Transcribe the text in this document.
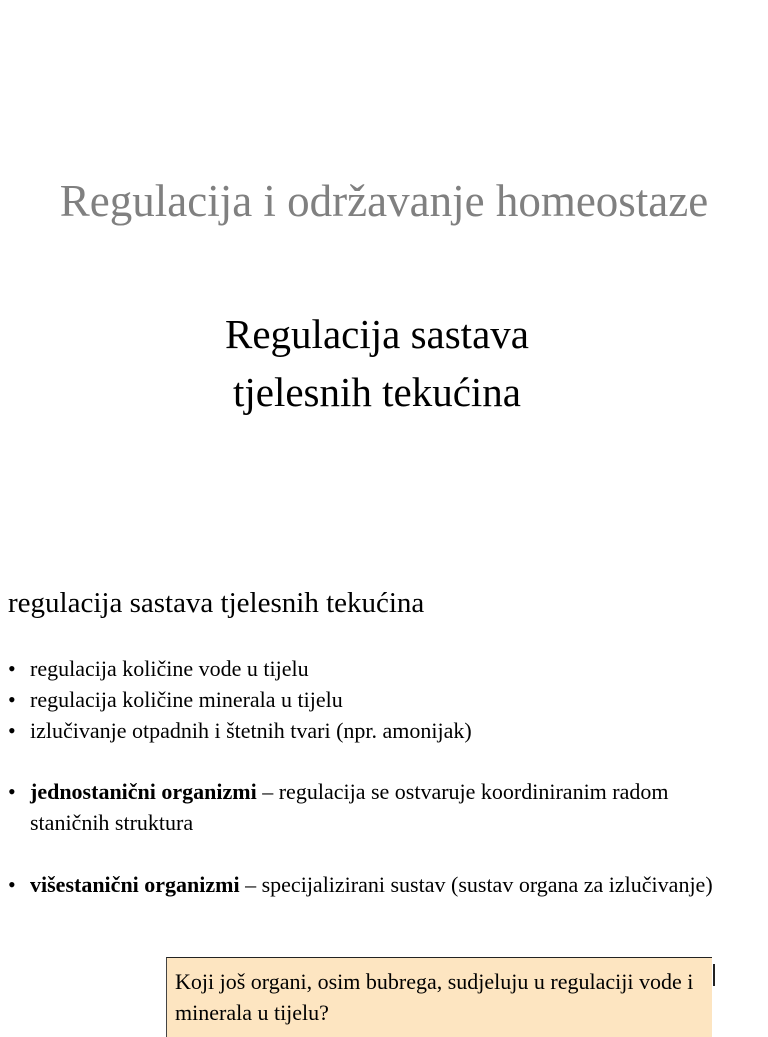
Regulacija i održavanje homeostaze
Regulacija sastava
tjelesnih tekućina
regulacija sastava tjelesnih tekućina
• regulacija količine vode u tijelu
• regulacija količine minerala u tijelu
• izlučivanje otpadnih i štetnih tvari (npr. amonijak)
• jednostanični organizmi – regulacija se ostvaruje koordiniranim radom staničnih struktura
• višestanični organizmi – specijalizirani sustav (sustav organa za izlučivanje)
Koji još organi, osim bubrega, sudjeluju u regulaciji vode i minerala u tijelu?
